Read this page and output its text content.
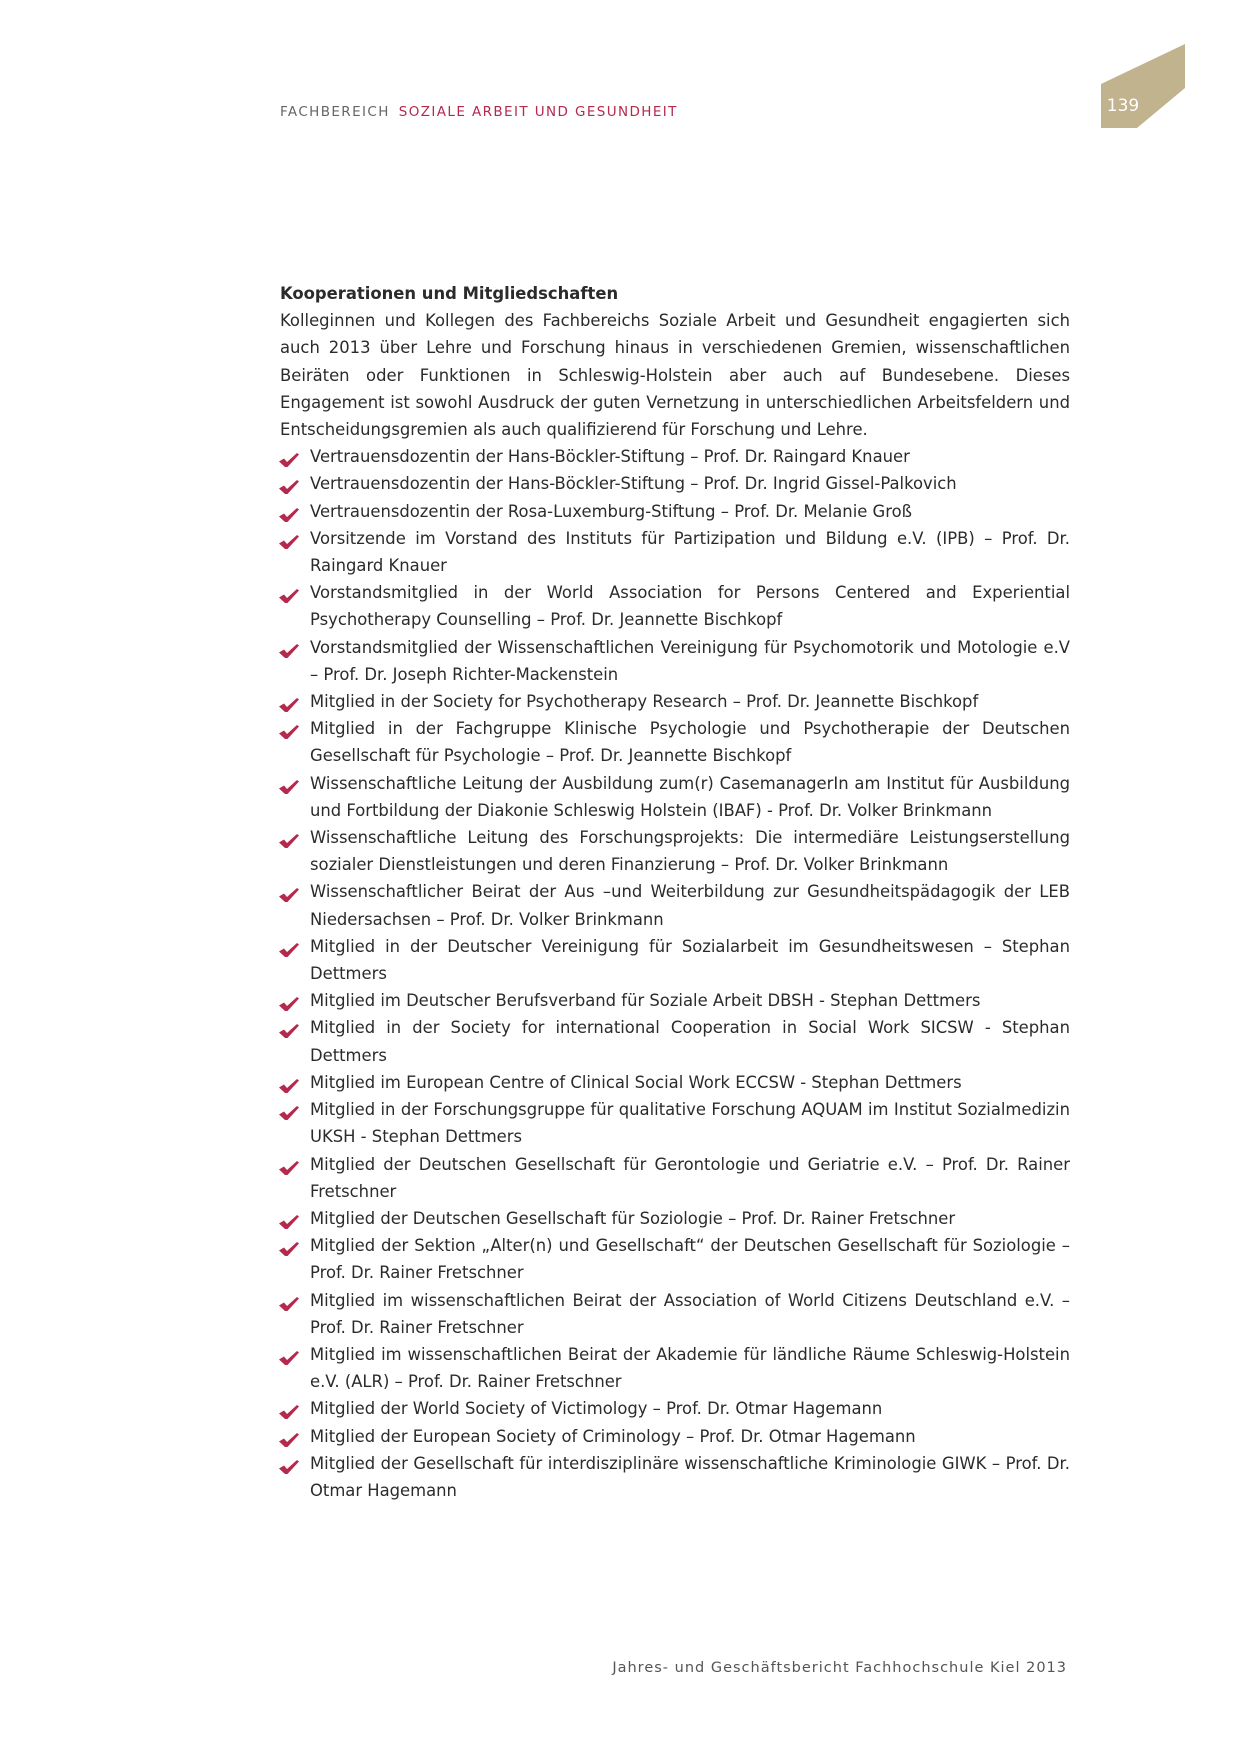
FACHBEREICH SOZIALE ARBEIT UND GESUNDHEIT	139
Kooperationen und Mitgliedschaften

Kolleginnen und Kollegen des Fachbereichs Soziale Arbeit und Gesundheit engagierten sich auch 2013 über Lehre und Forschung hinaus in verschiedenen Gremien, wissenschaftlichen Beiräten oder Funktionen in Schleswig-Holstein aber auch auf Bundesebene. Dieses Engagement ist sowohl Ausdruck der guten Vernetzung in unterschiedlichen Arbeitsfeldern und Entscheidungsgremien als auch qualifizierend für Forschung und Lehre.

Vertrauensdozentin der Hans-Böckler-Stiftung – Prof. Dr. Raingard Knauer
Vertrauensdozentin der Hans-Böckler-Stiftung – Prof. Dr. Ingrid Gissel-Palkovich
Vertrauensdozentin der Rosa-Luxemburg-Stiftung – Prof. Dr. Melanie Groß
Vorsitzende im Vorstand des Instituts für Partizipation und Bildung e.V. (IPB) – Prof. Dr. Raingard Knauer
Vorstandsmitglied in der World Association for Persons Centered and Experiential Psychotherapy Counselling – Prof. Dr. Jeannette Bischkopf
Vorstandsmitglied der Wissenschaftlichen Vereinigung für Psychomotorik und Motologie e.V – Prof. Dr. Joseph Richter-Mackenstein
Mitglied in der Society for Psychotherapy Research – Prof. Dr. Jeannette Bischkopf
Mitglied in der Fachgruppe Klinische Psychologie und Psychotherapie der Deutschen Gesellschaft für Psychologie – Prof. Dr. Jeannette Bischkopf
Wissenschaftliche Leitung der Ausbildung zum(r) CasemanagerIn am Institut für Ausbildung und Fortbildung der Diakonie Schleswig Holstein (IBAF) - Prof. Dr. Volker Brinkmann
Wissenschaftliche Leitung des Forschungsprojekts: Die intermediäre Leistungserstellung sozialer Dienstleistungen und deren Finanzierung – Prof. Dr. Volker Brinkmann
Wissenschaftlicher Beirat der Aus –und Weiterbildung zur Gesundheitspädagogik der LEB Niedersachsen – Prof. Dr. Volker Brinkmann
Mitglied in der Deutscher Vereinigung für Sozialarbeit im Gesundheitswesen – Stephan Dettmers
Mitglied im Deutscher Berufsverband für Soziale Arbeit DBSH - Stephan Dettmers
Mitglied in der Society for international Cooperation in Social Work SICSW - Stephan Dettmers
Mitglied im European Centre of Clinical Social Work ECCSW - Stephan Dettmers
Mitglied in der Forschungsgruppe für qualitative Forschung AQUAM im Institut Sozialmedizin UKSH - Stephan Dettmers
Mitglied der Deutschen Gesellschaft für Gerontologie und Geriatrie e.V. – Prof. Dr. Rainer Fretschner
Mitglied der Deutschen Gesellschaft für Soziologie – Prof. Dr. Rainer Fretschner
Mitglied der Sektion „Alter(n) und Gesellschaft“ der Deutschen Gesellschaft für Soziologie – Prof. Dr. Rainer Fretschner
Mitglied im wissenschaftlichen Beirat der Association of World Citizens Deutschland e.V. – Prof. Dr. Rainer Fretschner
Mitglied im wissenschaftlichen Beirat der Akademie für ländliche Räume Schleswig-Holstein e.V. (ALR) – Prof. Dr. Rainer Fretschner
Mitglied der World Society of Victimology – Prof. Dr. Otmar Hagemann
Mitglied der European Society of Criminology – Prof. Dr. Otmar Hagemann
Mitglied der Gesellschaft für interdisziplinäre wissenschaftliche Kriminologie GIWK – Prof. Dr. Otmar Hagemann
Jahres- und Geschäftsbericht Fachhochschule Kiel 2013
